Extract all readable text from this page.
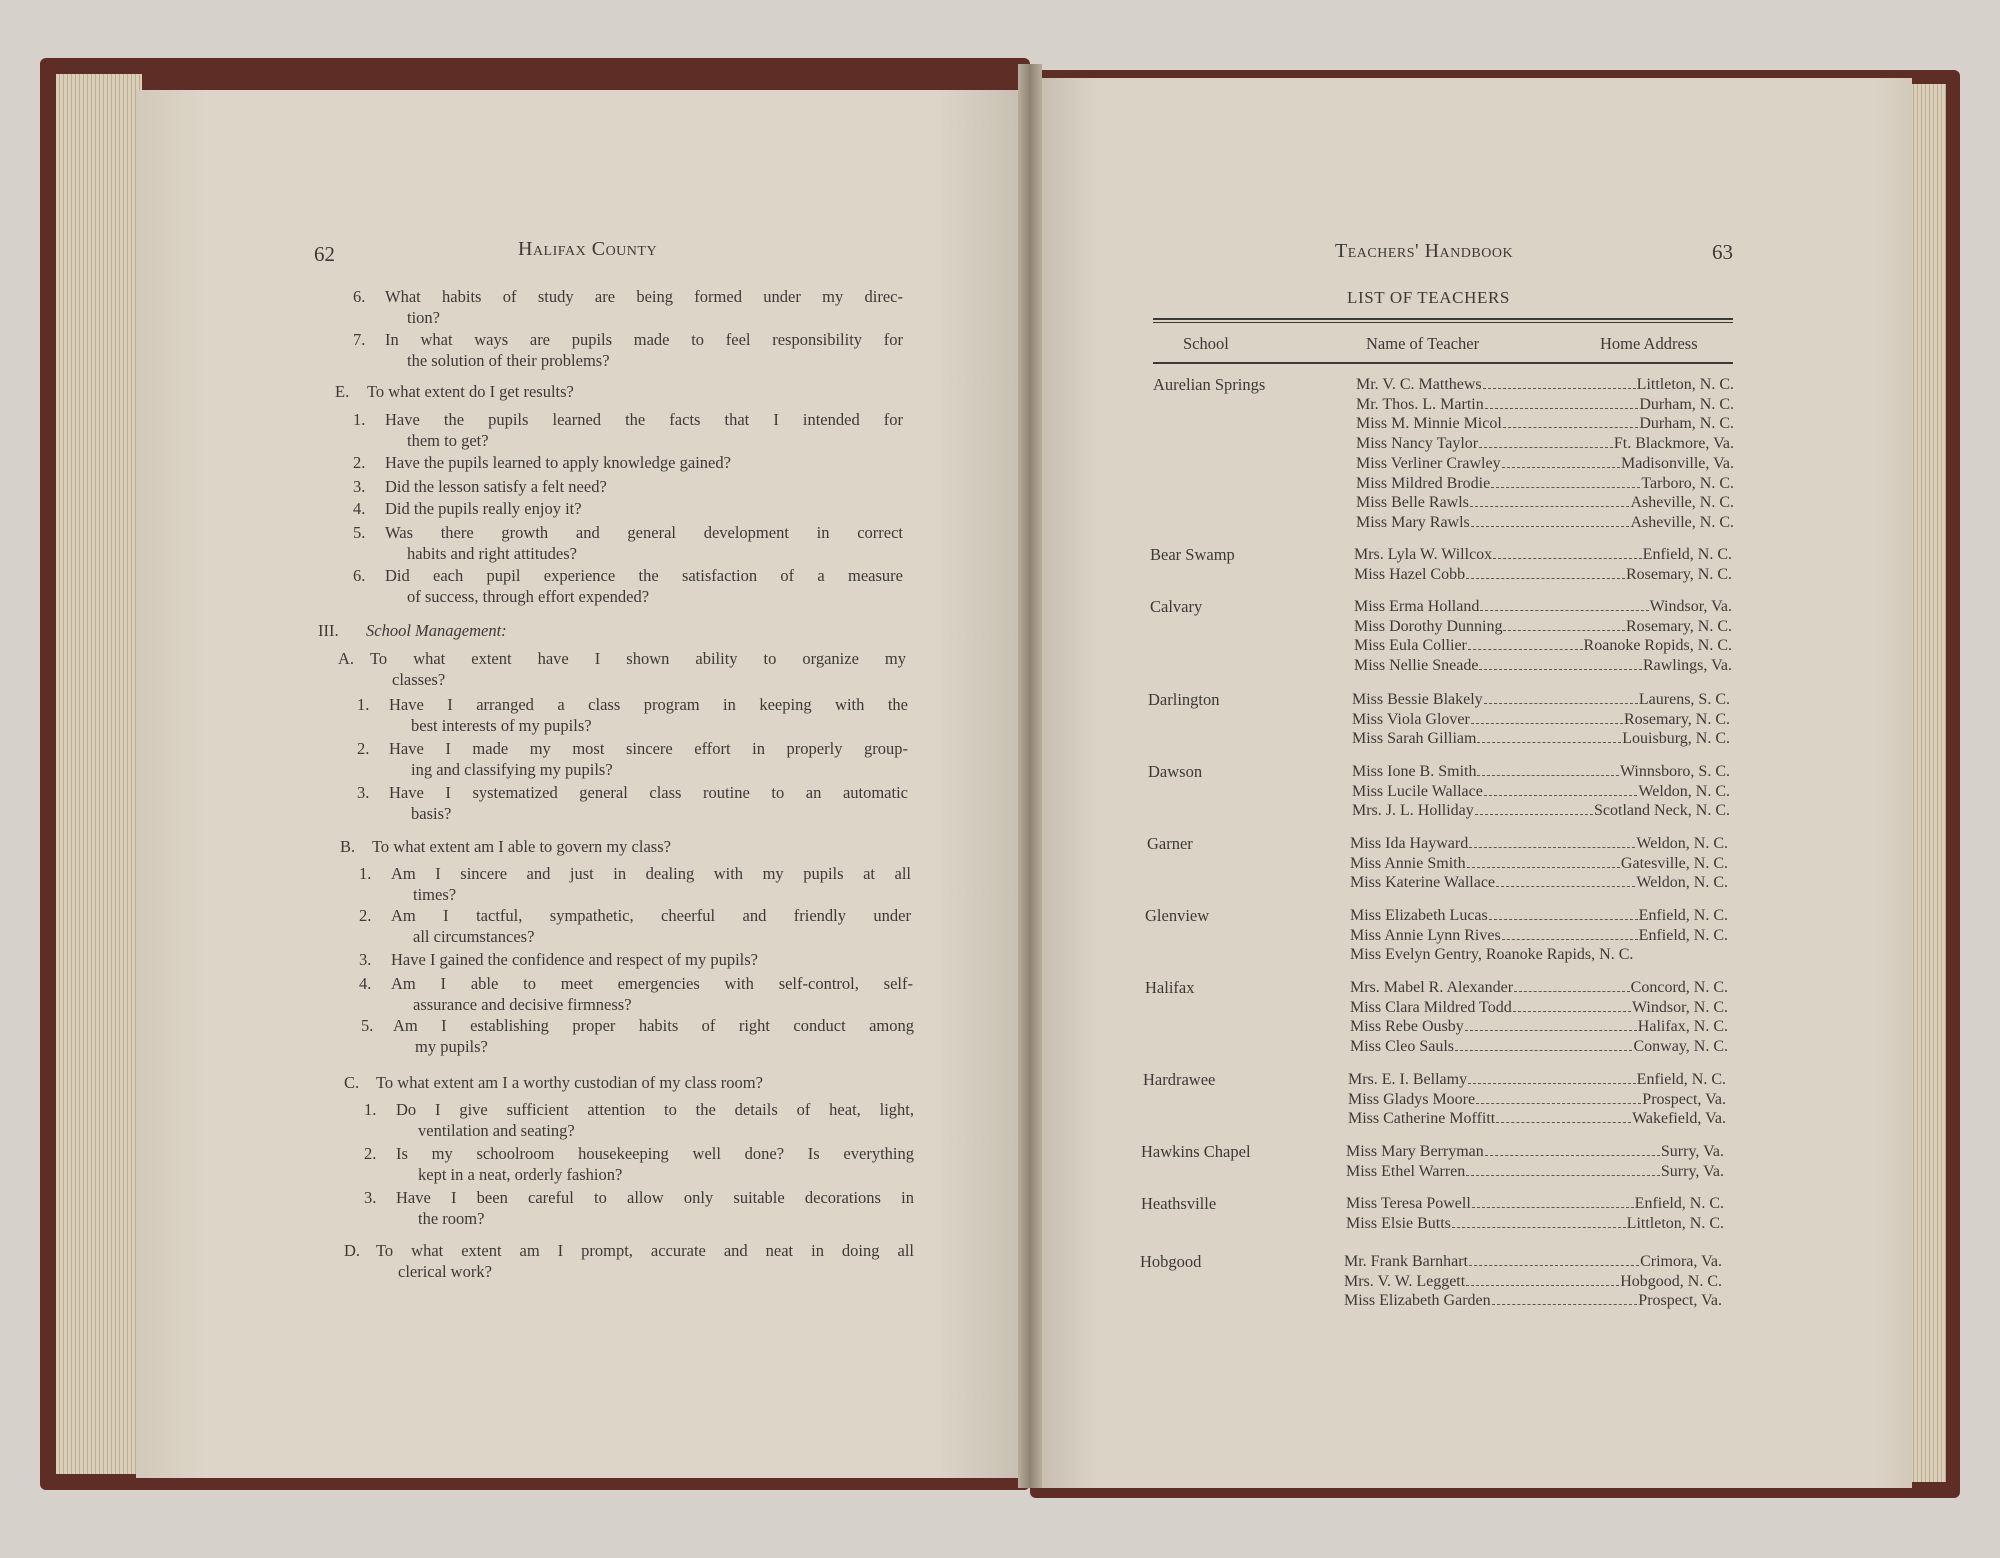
62	Halifax County
6. What habits of study are being formed under my direc-
tion?
7. In what ways are pupils made to feel responsibility for
the solution of their problems?
E. To what extent do I get results?
1. Have the pupils learned the facts that I intended for
them to get?
2. Have the pupils learned to apply knowledge gained?
3. Did the lesson satisfy a felt need?
4. Did the pupils really enjoy it?
5. Was there growth and general development in correct
habits and right attitudes?
6. Did each pupil experience the satisfaction of a measure
of success, through effort expended?
III. School Management:
A. To what extent have I shown ability to organize my
classes?
1. Have I arranged a class program in keeping with the
best interests of my pupils?
2. Have I made my most sincere effort in properly group-
ing and classifying my pupils?
3. Have I systematized general class routine to an automatic
basis?
B. To what extent am I able to govern my class?
1. Am I sincere and just in dealing with my pupils at all
times?
2. Am I tactful, sympathetic, cheerful and friendly under
all circumstances?
3. Have I gained the confidence and respect of my pupils?
4. Am I able to meet emergencies with self-control, self-
assurance and decisive firmness?
5. Am I establishing proper habits of right conduct among
my pupils?
C. To what extent am I a worthy custodian of my class room?
1. Do I give sufficient attention to the details of heat, light,
ventilation and seating?
2. Is my schoolroom housekeeping well done? Is everything
kept in a neat, orderly fashion?
3. Have I been careful to allow only suitable decorations in
the room?
D. To what extent am I prompt, accurate and neat in doing all
clerical work?
Teachers' Handbook	63
LIST OF TEACHERS
School	Name of Teacher	Home Address
Aurelian Springs	Mr. V. C. Matthews	Littleton, N. C.
Mr. Thos. L. Martin	Durham, N. C.
Miss M. Minnie Micol	Durham, N. C.
Miss Nancy Taylor	Ft. Blackmore, Va.
Miss Verliner Crawley	Madisonville, Va.
Miss Mildred Brodie	Tarboro, N. C.
Miss Belle Rawls	Asheville, N. C.
Miss Mary Rawls	Asheville, N. C.
Bear Swamp	Mrs. Lyla W. Willcox	Enfield, N. C.
Miss Hazel Cobb	Rosemary, N. C.
Calvary	Miss Erma Holland	Windsor, Va.
Miss Dorothy Dunning	Rosemary, N. C.
Miss Eula Collier	Roanoke Ropids, N. C.
Miss Nellie Sneade	Rawlings, Va.
Darlington	Miss Bessie Blakely	Laurens, S. C.
Miss Viola Glover	Rosemary, N. C.
Miss Sarah Gilliam	Louisburg, N. C.
Dawson	Miss Ione B. Smith	Winnsboro, S. C.
Miss Lucile Wallace	Weldon, N. C.
Mrs. J. L. Holliday	Scotland Neck, N. C.
Garner	Miss Ida Hayward	Weldon, N. C.
Miss Annie Smith	Gatesville, N. C.
Miss Katerine Wallace	Weldon, N. C.
Glenview	Miss Elizabeth Lucas	Enfield, N. C.
Miss Annie Lynn Rives	Enfield, N. C.
Miss Evelyn Gentry, Roanoke Rapids, N. C.
Halifax	Mrs. Mabel R. Alexander	Concord, N. C.
Miss Clara Mildred Todd	Windsor, N. C.
Miss Rebe Ousby	Halifax, N. C.
Miss Cleo Sauls	Conway, N. C.
Hardrawee	Mrs. E. I. Bellamy	Enfield, N. C.
Miss Gladys Moore	Prospect, Va.
Miss Catherine Moffitt	Wakefield, Va.
Hawkins Chapel	Miss Mary Berryman	Surry, Va.
Miss Ethel Warren	Surry, Va.
Heathsville	Miss Teresa Powell	Enfield, N. C.
Miss Elsie Butts	Littleton, N. C.
Hobgood	Mr. Frank Barnhart	Crimora, Va.
Mrs. V. W. Leggett	Hobgood, N. C.
Miss Elizabeth Garden	Prospect, Va.
